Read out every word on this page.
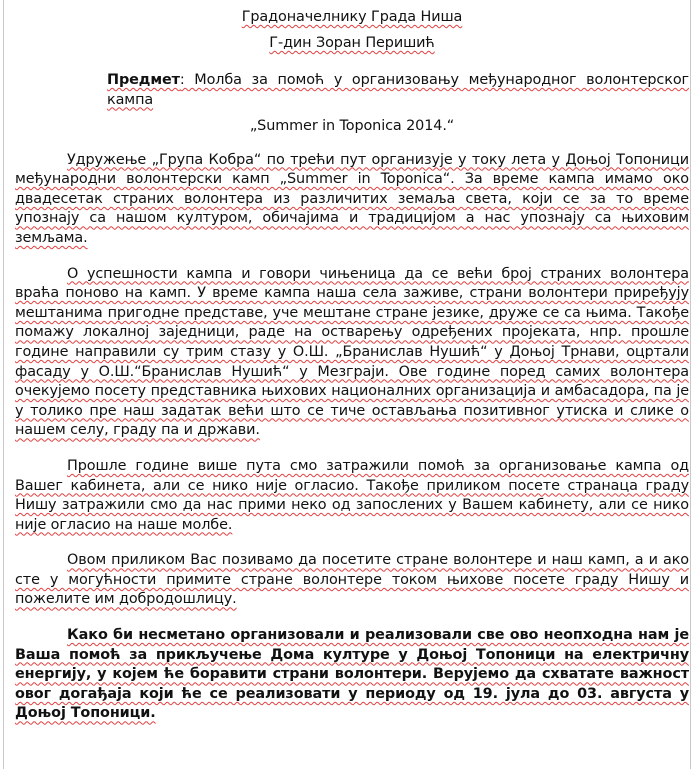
Градоначелнику Града Ниша

Г-дин Зоран Перишић

Предмет: Молба за помоћ у организовању међународног волонтерског кампа

„Summer in Toponica 2014.“

Удружење „Група Кобра“ по трећи пут организује у току лета у Доњој Топоници међународни волонтерски камп „Summer in Toponica“. За време кампа имамо око двадесетак страних волонтера из различитих земаља света, који се за то време упознају са нашом културом, обичајима и традицијом а нас упознају са њиховим земљама.

О успешности кампа и говори чињеница да се већи број страних волонтера враћа поново на камп. У време кампа наша села заживе, страни волонтери приређују мештанима пригодне представе, уче мештане стране језике, друже се са њима. Такође помажу локалној заједници, раде на остварењу одређених пројеката, нпр. прошле године направили су трим стазу у О.Ш. „Бранислав Нушић“ у Доњој Трнави, оцртали фасаду у О.Ш.“Бранислав Нушић“ у Мезграји. Ове године поред самих волонтера очекујемо посету представника њихових националних организација и амбасадора, па је у толико пре наш задатак већи што се тиче остављања позитивног утиска и слике о нашем селу, граду па и држави.

Прошле године више пута смо затражили помоћ за организовање кампа од Вашег кабинета, али се нико није огласио. Такође приликом посете странаца граду Нишу затражили смо да нас прими неко од запослених у Вашем кабинету, али се нико није огласио на наше молбе.

Овом приликом Вас позивамо да посетите стране волонтере и наш камп, а и ако сте у могућности примите стране волонтере током њихове посете граду Нишу и пожелите им добродошлицу.

Како би несметано организовали и реализовали све ово неопходна нам је Ваша помоћ за прикључење Дома културе у Доњој Топоници на електричну енергију, у којем ће боравити страни волонтери. Верујемо да схватате важност овог догађаја који ће се реализовати у периоду од 19. јула до 03. августа у Доњој Топоници.
